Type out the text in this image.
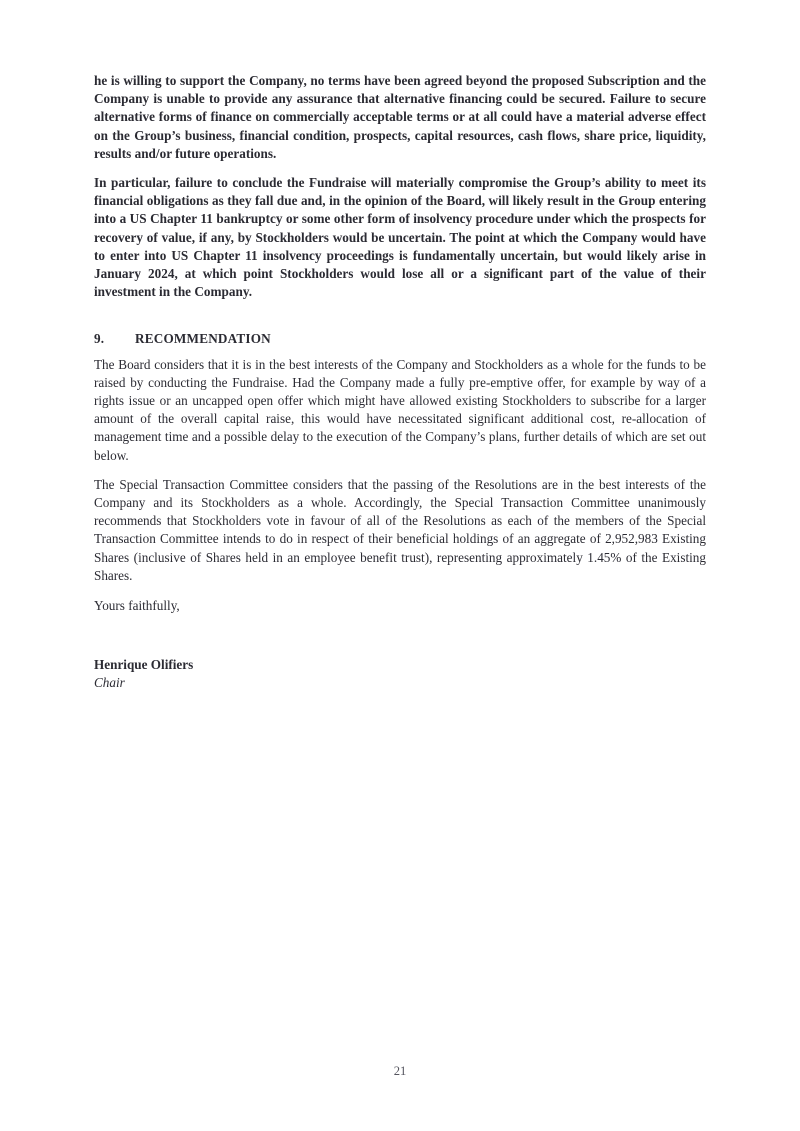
he is willing to support the Company, no terms have been agreed beyond the proposed Subscription and the Company is unable to provide any assurance that alternative financing could be secured. Failure to secure alternative forms of finance on commercially acceptable terms or at all could have a material adverse effect on the Group’s business, financial condition, prospects, capital resources, cash flows, share price, liquidity, results and/or future operations.

In particular, failure to conclude the Fundraise will materially compromise the Group’s ability to meet its financial obligations as they fall due and, in the opinion of the Board, will likely result in the Group entering into a US Chapter 11 bankruptcy or some other form of insolvency procedure under which the prospects for recovery of value, if any, by Stockholders would be uncertain. The point at which the Company would have to enter into US Chapter 11 insolvency proceedings is fundamentally uncertain, but would likely arise in January 2024, at which point Stockholders would lose all or a significant part of the value of their investment in the Company.

9.	RECOMMENDATION

The Board considers that it is in the best interests of the Company and Stockholders as a whole for the funds to be raised by conducting the Fundraise. Had the Company made a fully pre-emptive offer, for example by way of a rights issue or an uncapped open offer which might have allowed existing Stockholders to subscribe for a larger amount of the overall capital raise, this would have necessitated significant additional cost, re-allocation of management time and a possible delay to the execution of the Company’s plans, further details of which are set out below.

The Special Transaction Committee considers that the passing of the Resolutions are in the best interests of the Company and its Stockholders as a whole. Accordingly, the Special Transaction Committee unanimously recommends that Stockholders vote in favour of all of the Resolutions as each of the members of the Special Transaction Committee intends to do in respect of their beneficial holdings of an aggregate of 2,952,983 Existing Shares (inclusive of Shares held in an employee benefit trust), representing approximately 1.45% of the Existing Shares.

Yours faithfully,

Henrique Olifiers
Chair
21
